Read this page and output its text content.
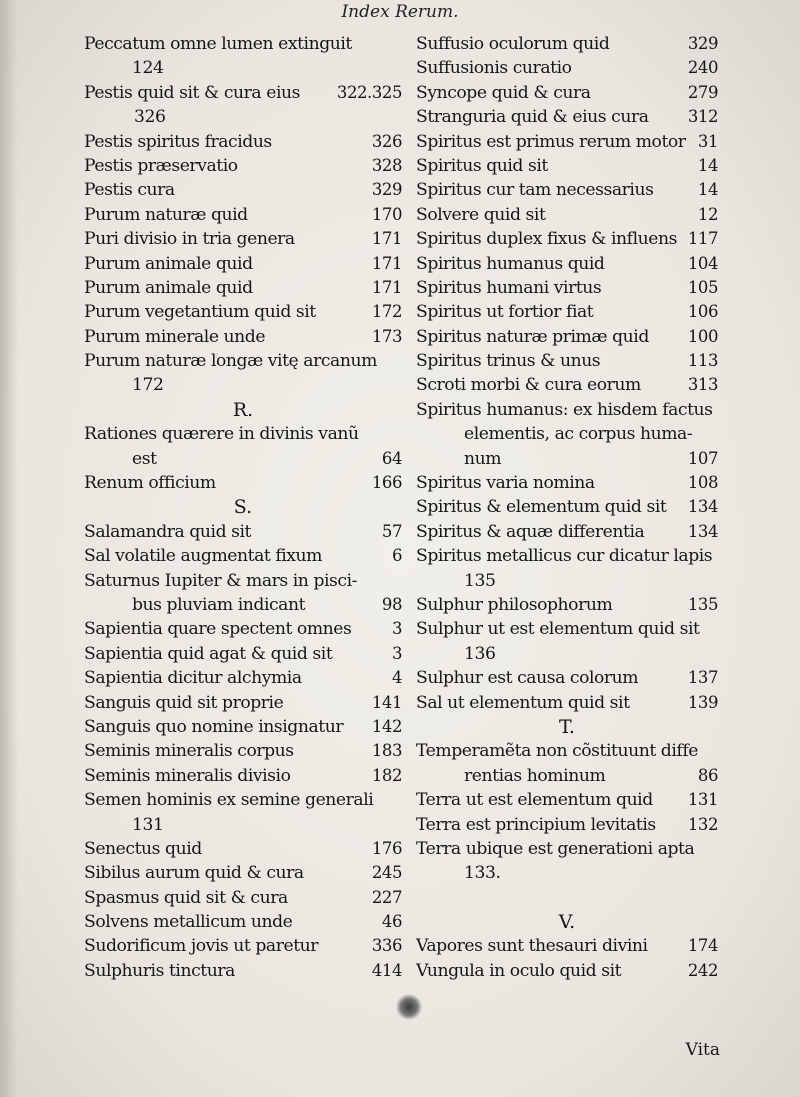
Index Rerum.
Peccatum omne lumen extinguit
124
Pestis quid sit & cura eius 322.325
326
Pestis spiritus fracidus	326
Pestis præservatio	328
Pestis cura	329
Purum naturæ quid	170
Puri divisio in tria genera	171
Purum animale quid	171
Purum animale quid	171
Purum vegetantium quid sit	172
Purum minerale unde	173
Purum naturæ longæ vitę arcanum
172
R.
Rationes quærere in divinis vanũ
est	64
Renum officium	166
S.
Salamandra quid sit	57
Sal volatile augmentat fixum	6
Saturnus Iupiter & mars in pisci-
bus pluviam indicant	98
Sapientia quare spectent omnes 3
Sapientia quid agat & quid sit	3
Sapientia dicitur alchymia	4
Sanguis quid sit proprie	141
Sanguis quo nomine insignatur 142
Seminis mineralis corpus	183
Seminis mineralis divisio	182
Semen hominis ex semine generali
131
Senectus quid	176
Sibilus aurum quid & cura	245
Spasmus quid sit & cura	227
Solvens metallicum unde	46
Sudorificum jovis ut paretur	336
Sulphuris tinctura	414
Suffusio oculorum quid	329
Suffusionis curatio	240
Syncope quid & cura	279
Stranguria quid & eius cura 312
Spiritus est primus rerum motor 31
Spiritus quid sit	14
Spiritus cur tam necessarius	14
Solvere quid sit	12
Spiritus duplex fixus & influens 117
Spiritus humanus quid	104
Spiritus humani virtus	105
Spiritus ut fortior fiat	106
Spiritus naturæ primæ quid 100
Spiritus trinus & unus	113
Scroti morbi & cura eorum	313
Spiritus humanus: ex hisdem factus
elementis, ac corpus huma-
num	107
Spiritus varia nomina	108
Spiritus & elementum quid sit 134
Spiritus & aquæ differentia	134
Spiritus metallicus cur dicatur lapis
135
Sulphur philosophorum	135
Sulphur ut est elementum quid sit
136
Sulphur est causa colorum	137
Sal ut elementum quid sit	139
T.
Temperamẽta non cõstituunt diffe
rentias hominum	86
Terra ut est elementum quid 131
Terra est principium levitatis 132
Terra ubique est generationi apta
133.
V.
Vapores sunt thesauri divini 174
Vungula in oculo quid sit	242
Vita
